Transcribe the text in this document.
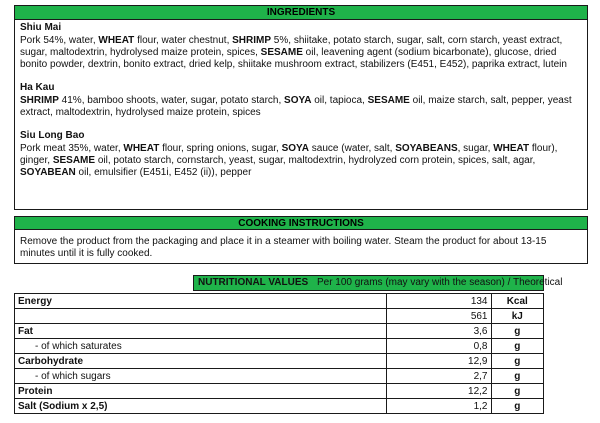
INGREDIENTS

Shiu Mai

Pork 54%, water, WHEAT flour, water chestnut, SHRIMP 5%, shiitake, potato starch, sugar, salt, corn starch, yeast extract, sugar, maltodextrin, hydrolysed maize protein, spices, SESAME oil, leavening agent (sodium bicarbonate), glucose, dried bonito powder, dextrin, bonito extract, dried kelp, shiitake mushroom extract, stabilizers (E451, E452), paprika extract, lutein

Ha Kau

SHRIMP 41%, bamboo shoots, water, sugar, potato starch, SOYA oil, tapioca, SESAME oil, maize starch, salt, pepper, yeast extract, maltodextrin, hydrolysed maize protein, spices

Siu Long Bao

Pork meat 35%, water, WHEAT flour, spring onions, sugar, SOYA sauce (water, salt, SOYABEANS, sugar, WHEAT flour), ginger, SESAME oil, potato starch, cornstarch, yeast, sugar, maltodextrin, hydrolyzed corn protein, spices, salt, agar, SOYABEAN oil, emulsifier (E451i, E452 (ii)), pepper

COOKING INSTRUCTIONS
Remove the product from the packaging and place it in a steamer with boiling water. Steam the product for about 13-15 minutes until it is fully cooked.
NUTRITIONAL VALUES Per 100 grams (may vary with the season) / Theoretical
Energy	134	Kcal
	561	kJ
Fat	3,6	g
- of which saturates	0,8	g
Carbohydrate	12,9	g
- of which sugars	2,7	g
Protein	12,2	g
Salt (Sodium x 2,5)	1,2	g
